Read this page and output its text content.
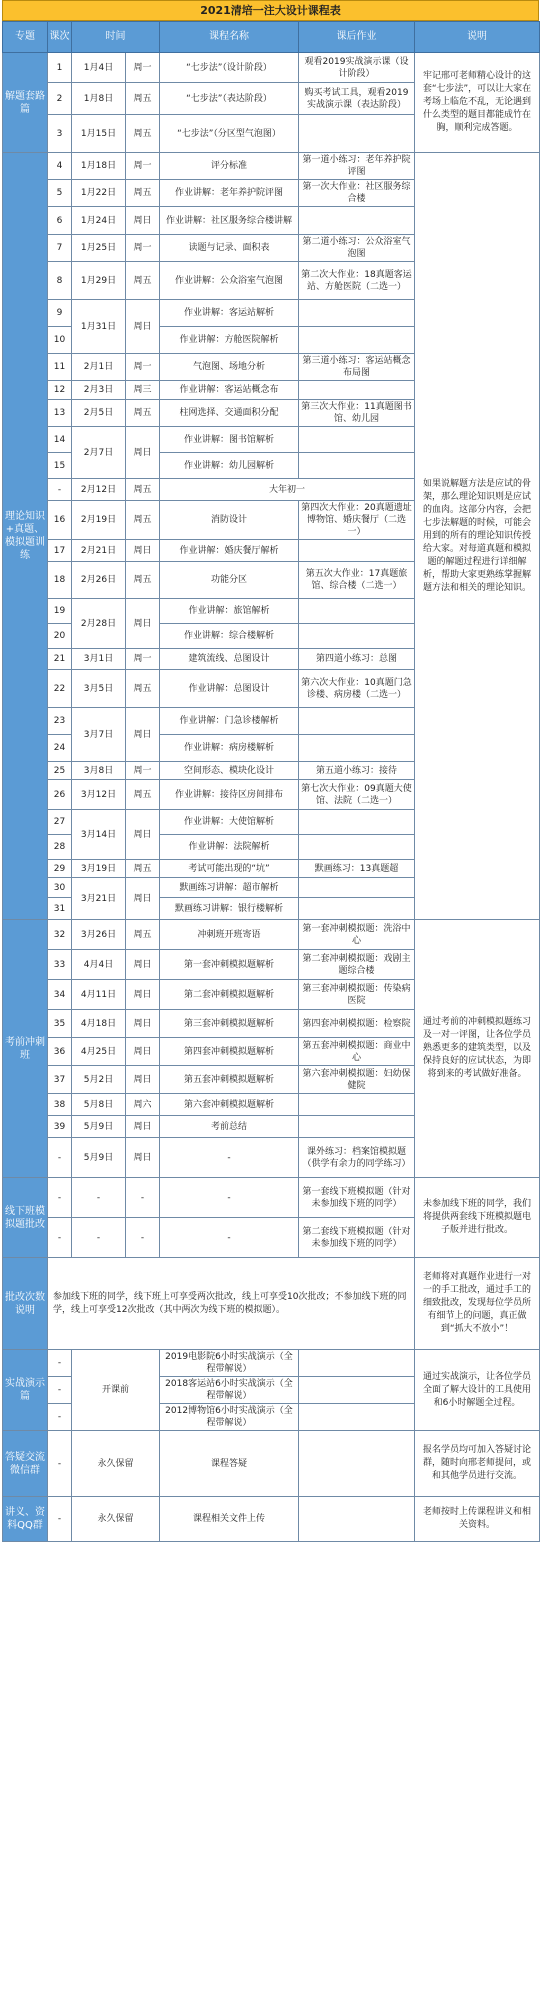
2021清培一注大设计课程表
专题	课次	时间		课程名称	课后作业	说明
解题套路篇	1	1月4日	周一	“七步法”（设计阶段）	观看2019实战演示课（设计阶段）	牢记邢可老师精心设计的这套“七步法”，可以让大家在考场上临危不乱，无论遇到什么类型的题目都能成竹在胸，顺利完成答题。
	2	1月8日	周五	“七步法”（表达阶段）	购买考试工具，观看2019实战演示课（表达阶段）	
	3	1月15日	周五	“七步法”（分区型气泡图）		
理论知识+真题、模拟题训练	4	1月18日	周一	评分标准	第一道小练习：老年养护院评图	如果说解题方法是应试的骨架，那么理论知识则是应试的血肉。这部分内容，会把七步法解题的时候，可能会用到的所有的理论知识传授给大家。对每道真题和模拟题的解题过程进行详细解析，帮助大家更熟练掌握解题方法和相关的理论知识。
	5	1月22日	周五	作业讲解：老年养护院评图	第一次大作业：社区服务综合楼	
	6	1月24日	周日	作业讲解：社区服务综合楼讲解		
	7	1月25日	周一	读题与记录、面积表	第二道小练习：公众浴室气泡图	
	8	1月29日	周五	作业讲解：公众浴室气泡图	第二次大作业：18真题客运站、方舱医院（二选一）	
	9	1月31日	周日	作业讲解：客运站解析		
	10			作业讲解：方舱医院解析		
	11	2月1日	周一	气泡图、场地分析	第三道小练习：客运站概念布局图	
	12	2月3日	周三	作业讲解：客运站概念布		
	13	2月5日	周五	柱网选择、交通面积分配	第三次大作业：11真题图书馆、幼儿园	
	14	2月7日	周日	作业讲解：图书馆解析		
	15			作业讲解：幼儿园解析		
	-	2月12日	周五	大年初一		
	16	2月19日	周五	消防设计	第四次大作业：20真题遗址博物馆、婚庆餐厅（二选一）	
	17	2月21日	周日	作业讲解：婚庆餐厅解析		
	18	2月26日	周五	功能分区	第五次大作业：17真题旅馆、综合楼（二选一）	
	19	2月28日	周日	作业讲解：旅馆解析		
	20			作业讲解：综合楼解析		
	21	3月1日	周一	建筑流线、总图设计	第四道小练习：总图	
	22	3月5日	周五	作业讲解：总图设计	第六次大作业：10真题门急诊楼、病房楼（二选一）	
	23	3月7日	周日	作业讲解：门急诊楼解析		
	24			作业讲解：病房楼解析		
	25	3月8日	周一	空间形态、模块化设计	第五道小练习：接待	
	26	3月12日	周五	作业讲解：接待区房间排布	第七次大作业：09真题大使馆、法院（二选一）	
	27	3月14日	周日	作业讲解：大使馆解析		
	28			作业讲解：法院解析		
	29	3月19日	周五	考试可能出现的“坑”	默画练习：13真题超	
	30	3月21日	周日	默画练习讲解：超市解析		
	31			默画练习讲解：银行楼解析		
考前冲刺班	32	3月26日	周五	冲刺班开班寄语	第一套冲刺模拟题：洗浴中心	通过考前的冲刺模拟题练习及一对一评图，让各位学员熟悉更多的建筑类型，以及保持良好的应试状态，为即将到来的考试做好准备。
	33	4月4日	周日	第一套冲刺模拟题解析	第二套冲刺模拟题：戏剧主题综合楼	
	34	4月11日	周日	第二套冲刺模拟题解析	第三套冲刺模拟题：传染病医院	
	35	4月18日	周日	第三套冲刺模拟题解析	第四套冲刺模拟题：检察院	
	36	4月25日	周日	第四套冲刺模拟题解析	第五套冲刺模拟题：商业中心	
	37	5月2日	周日	第五套冲刺模拟题解析	第六套冲刺模拟题：妇幼保健院	
	38	5月8日	周六	第六套冲刺模拟题解析		
	39	5月9日	周日	考前总结		
	-	5月9日	周日	-	课外练习：档案馆模拟题（供学有余力的同学练习）	
线下班模拟题批改	-	-	-	-	第一套线下班模拟题（针对未参加线下班的同学）	未参加线下班的同学，我们将提供两套线下班模拟题电子版并进行批改。
	-	-	-	-	第二套线下班模拟题（针对未参加线下班的同学）	
批改次数说明	参加线下班的同学，线下班上可享受两次批改，线上可享受10次批改；不参加线下班的同学，线上可享受12次批改（其中两次为线下班的模拟题）。					老师将对真题作业进行一对一的手工批改，通过手工的细致批改，发现每位学员所有细节上的问题，真正做到“抓大不放小”！
实战演示篇	-	开课前		2019电影院6小时实战演示（全程带解说）		通过实战演示，让各位学员全面了解大设计的工具使用和6小时解题全过程。
	-			2018客运站6小时实战演示（全程带解说）		
	-			2012博物馆6小时实战演示（全程带解说）		
答疑交流微信群	-	永久保留		课程答疑		报名学员均可加入答疑讨论群，随时向邢老师提问，或和其他学员进行交流。
讲义、资料QQ群	-	永久保留		课程相关文件上传		老师按时上传课程讲义和相关资料。
